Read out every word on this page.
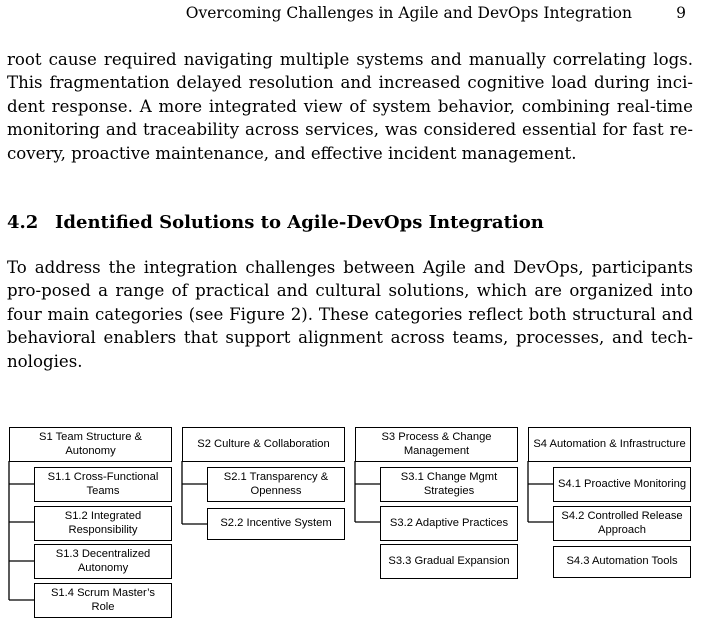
Overcoming Challenges in Agile and DevOps Integration	9
root cause required navigating multiple systems and manually correlating logs. This fragmentation delayed resolution and increased cognitive load during incident response. A more integrated view of system behavior, combining real-time monitoring and traceability across services, was considered essential for fast recovery, proactive maintenance, and effective incident management.
4.2 Identified Solutions to Agile-DevOps Integration
To address the integration challenges between Agile and DevOps, participants pro-posed a range of practical and cultural solutions, which are organized into four main categories (see Figure 2). These categories reflect both structural and behavioral enablers that support alignment across teams, processes, and technologies.
S1 Team Structure & Autonomy
S1.1 Cross-Functional Teams
S1.2 Integrated Responsibility
S1.3 Decentralized Autonomy
S1.4 Scrum Master’s Role
S2 Culture & Collaboration
S2.1 Transparency & Openness
S2.2 Incentive System
S3 Process & Change Management
S3.1 Change Mgmt Strategies
S3.2 Adaptive Practices
S3.3 Gradual Expansion
S4 Automation & Infrastructure
S4.1 Proactive Monitoring
S4.2 Controlled Release Approach
S4.3 Automation Tools
